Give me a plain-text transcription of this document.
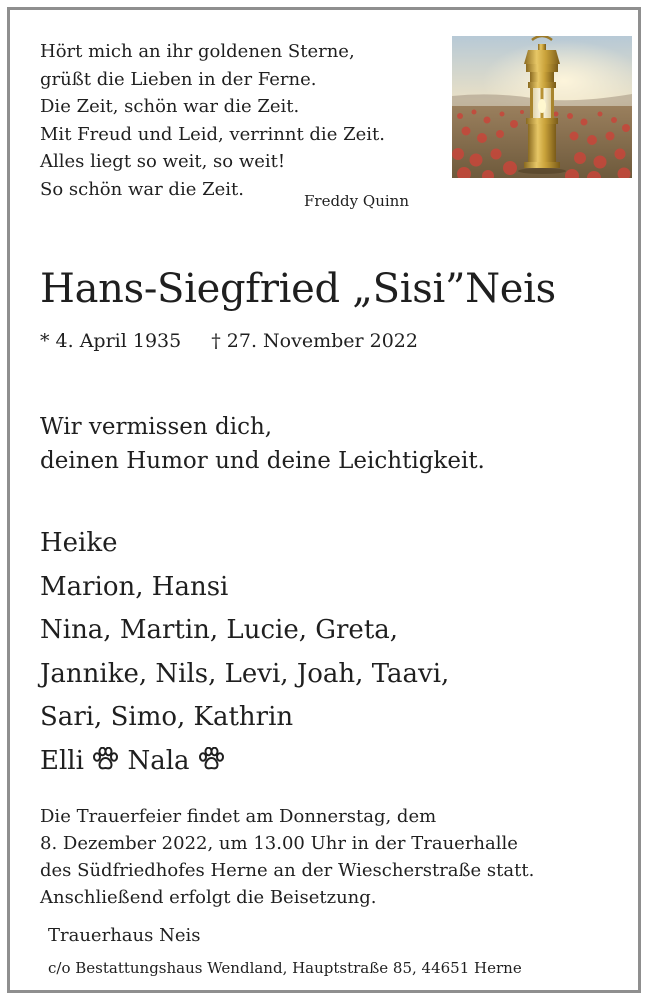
Hört mich an ihr goldenen Sterne,
grüßt die Lieben in der Ferne.
Die Zeit, schön war die Zeit.
Mit Freud und Leid, verrinnt die Zeit.
Alles liegt so weit, so weit!
So schön war die Zeit.
Freddy Quinn
Hans-Siegfried „Sisi”Neis
* 4. April 1935 † 27. November 2022
Wir vermissen dich,
deinen Humor und deine Leichtigkeit.
Heike
Marion, Hansi
Nina, Martin, Lucie, Greta,
Jannike, Nils, Levi, Joah, Taavi,
Sari, Simo, Kathrin
Elli Nala
Die Trauerfeier findet am Donnerstag, dem
8. Dezember 2022, um 13.00 Uhr in der Trauerhalle
des Südfriedhofes Herne an der Wiescherstraße statt.
Anschließend erfolgt die Beisetzung.
Trauerhaus Neis
c/o Bestattungshaus Wendland, Hauptstraße 85, 44651 Herne
